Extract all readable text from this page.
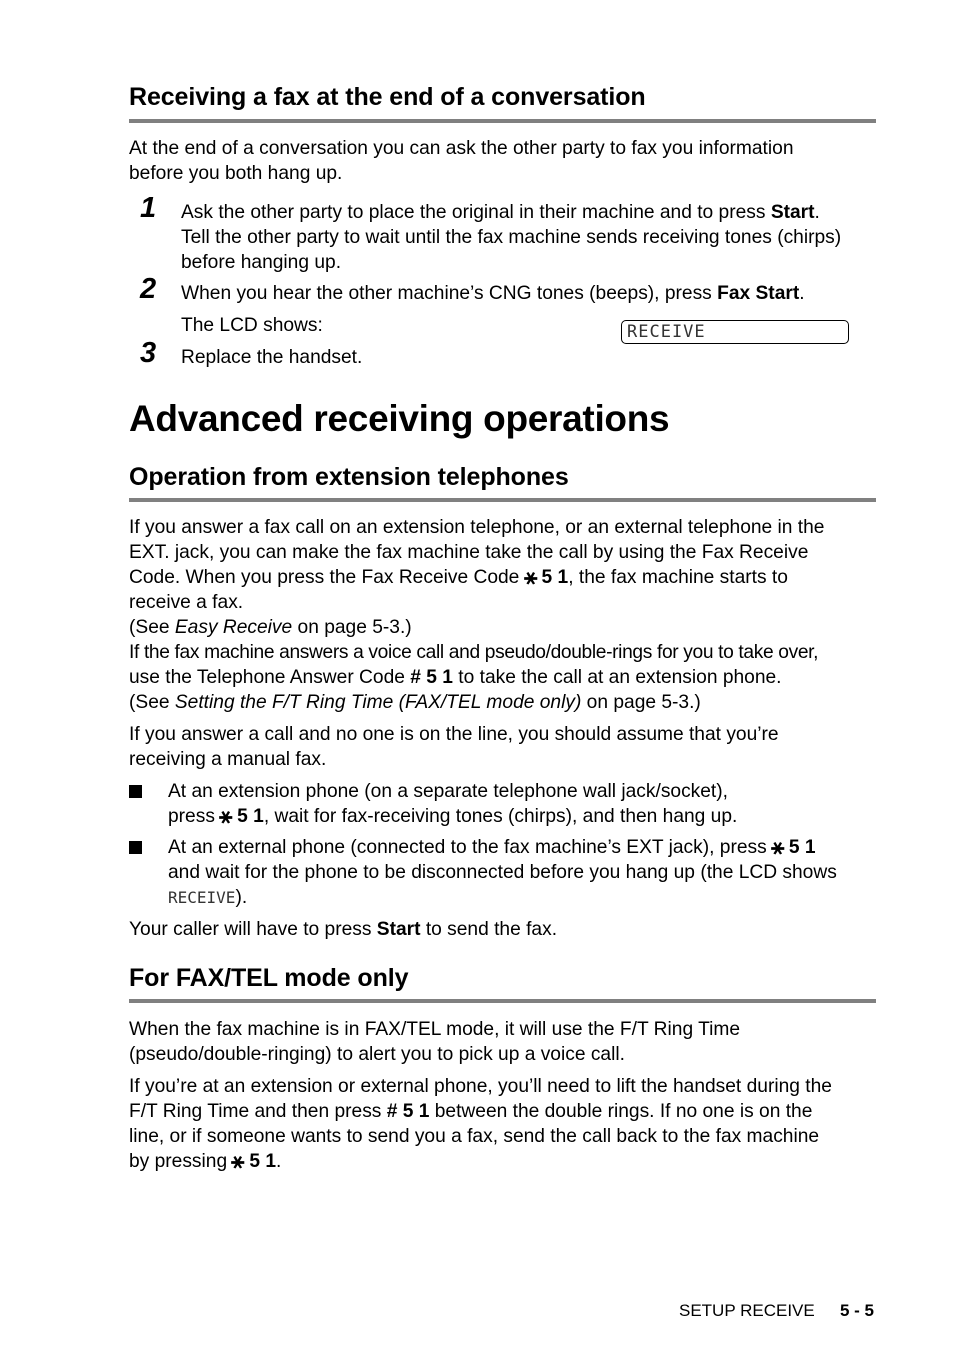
Receiving a fax at the end of a conversation
At the end of a conversation you can ask the other party to fax you information
before you both hang up.
1 Ask the other party to place the original in their machine and to press Start.
Tell the other party to wait until the fax machine sends receiving tones (chirps)
before hanging up.
2 When you hear the other machine’s CNG tones (beeps), press Fax Start.
The LCD shows:	RECEIVE
3 Replace the handset.
Advanced receiving operations
Operation from extension telephones
If you answer a fax call on an extension telephone, or an external telephone in the
EXT. jack, you can make the fax machine take the call by using the Fax Receive
Code. When you press the Fax Receive Code ⚹ 5 1, the fax machine starts to
receive a fax.
(See Easy Receive on page 5-3.)
If the fax machine answers a voice call and pseudo/double-rings for you to take over,
use the Telephone Answer Code # 5 1 to take the call at an extension phone.
(See Setting the F/T Ring Time (FAX/TEL mode only) on page 5-3.)
If you answer a call and no one is on the line, you should assume that you’re
receiving a manual fax.
At an extension phone (on a separate telephone wall jack/socket),
press ⚹ 5 1, wait for fax-receiving tones (chirps), and then hang up.
At an external phone (connected to the fax machine’s EXT jack), press ⚹ 5 1
and wait for the phone to be disconnected before you hang up (the LCD shows
RECEIVE).
Your caller will have to press Start to send the fax.
For FAX/TEL mode only
When the fax machine is in FAX/TEL mode, it will use the F/T Ring Time
(pseudo/double-ringing) to alert you to pick up a voice call.
If you’re at an extension or external phone, you’ll need to lift the handset during the
F/T Ring Time and then press # 5 1 between the double rings. If no one is on the
line, or if someone wants to send you a fax, send the call back to the fax machine
by pressing ⚹ 5 1.
SETUP RECEIVE 5 - 5
